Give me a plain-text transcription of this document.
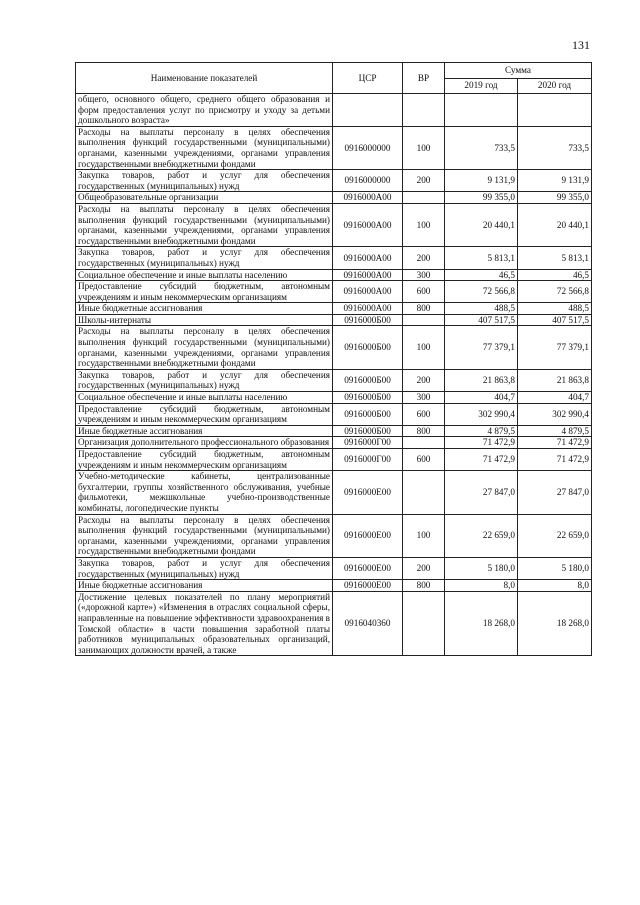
131
Наименование показателей	ЦСР	ВР	Сумма	
			2019 год	2020 год
общего, основного общего, среднего общего образования и форм предоставления услуг по присмотру и уходу за детьми дошкольного возраста»				
Расходы на выплаты персоналу в целях обеспечения выполнения функций государственными (муниципальными) органами, казенными учреждениями, органами управления государственными внебюджетными фондами	0916000000	100	733,5	733,5
Закупка товаров, работ и услуг для обеспечения государственных (муниципальных) нужд	0916000000	200	9 131,9	9 131,9
Общеобразовательные организации	0916000А00		99 355,0	99 355,0
Расходы на выплаты персоналу в целях обеспечения выполнения функций государственными (муниципальными) органами, казенными учреждениями, органами управления государственными внебюджетными фондами	0916000А00	100	20 440,1	20 440,1
Закупка товаров, работ и услуг для обеспечения государственных (муниципальных) нужд	0916000А00	200	5 813,1	5 813,1
Социальное обеспечение и иные выплаты населению	0916000А00	300	46,5	46,5
Предоставление субсидий бюджетным, автономным учреждениям и иным некоммерческим организациям	0916000А00	600	72 566,8	72 566,8
Иные бюджетные ассигнования	0916000А00	800	488,5	488,5
Школы-интернаты	0916000Б00		407 517,5	407 517,5
Расходы на выплаты персоналу в целях обеспечения выполнения функций государственными (муниципальными) органами, казенными учреждениями, органами управления государственными внебюджетными фондами	0916000Б00	100	77 379,1	77 379,1
Закупка товаров, работ и услуг для обеспечения государственных (муниципальных) нужд	0916000Б00	200	21 863,8	21 863,8
Социальное обеспечение и иные выплаты населению	0916000Б00	300	404,7	404,7
Предоставление субсидий бюджетным, автономным учреждениям и иным некоммерческим организациям	0916000Б00	600	302 990,4	302 990,4
Иные бюджетные ассигнования	0916000Б00	800	4 879,5	4 879,5
Организация дополнительного профессионального образования	0916000Г00		71 472,9	71 472,9
Предоставление субсидий бюджетным, автономным учреждениям и иным некоммерческим организациям	0916000Г00	600	71 472,9	71 472,9
Учебно-методические кабинеты, централизованные бухгалтерии, группы хозяйственного обслуживания, учебные фильмотеки, межшкольные учебно-производственные комбинаты, логопедические пункты	0916000Е00		27 847,0	27 847,0
Расходы на выплаты персоналу в целях обеспечения выполнения функций государственными (муниципальными) органами, казенными учреждениями, органами управления государственными внебюджетными фондами	0916000Е00	100	22 659,0	22 659,0
Закупка товаров, работ и услуг для обеспечения государственных (муниципальных) нужд	0916000Е00	200	5 180,0	5 180,0
Иные бюджетные ассигнования	0916000Е00	800	8,0	8,0
Достижение целевых показателей по плану мероприятий («дорожной карте») «Изменения в отраслях социальной сферы, направленные на повышение эффективности здравоохранения в Томской области» в части повышения заработной платы работников муниципальных образовательных организаций, занимающих должности врачей, а также	0916040360		18 268,0	18 268,0
